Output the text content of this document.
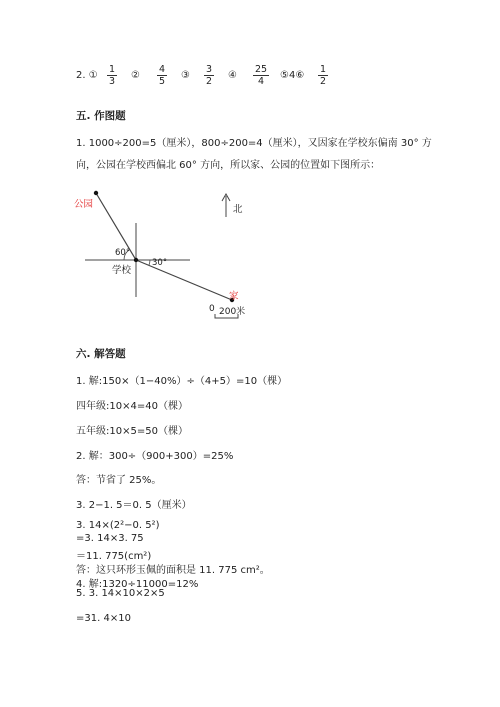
2. ① $\frac{1}{3}$ ② $\frac{4}{5}$ ③ $\frac{3}{2}$ ④ $\frac{25}{4}$ ⑤4⑥ $\frac{1}{2}$
五. 作图题
1. 1000÷200=5（厘米），800÷200=4（厘米），又因家在学校东偏南 30° 方
向，公园在学校西偏北 60° 方向，所以家、公园的位置如下图所示：
公园
学校
家
北
60°
30°
0 200米
六. 解答题
1. 解:150×（1−40%）÷（4+5）=10（棵）
四年级:10×4=40（棵）
五年级:10×5=50（棵）
2. 解：300÷（900+300）=25%
答：节省了 25%。
3. 2−1. 5＝0. 5（厘米）
3. 14×(2²−0. 5²)
=3. 14×3. 75
＝11. 775(cm²)
答：这只环形玉佩的面积是 11. 775 cm²。
4. 解:1320÷11000=12%
5. 3. 14×10×2×5
=31. 4×10
